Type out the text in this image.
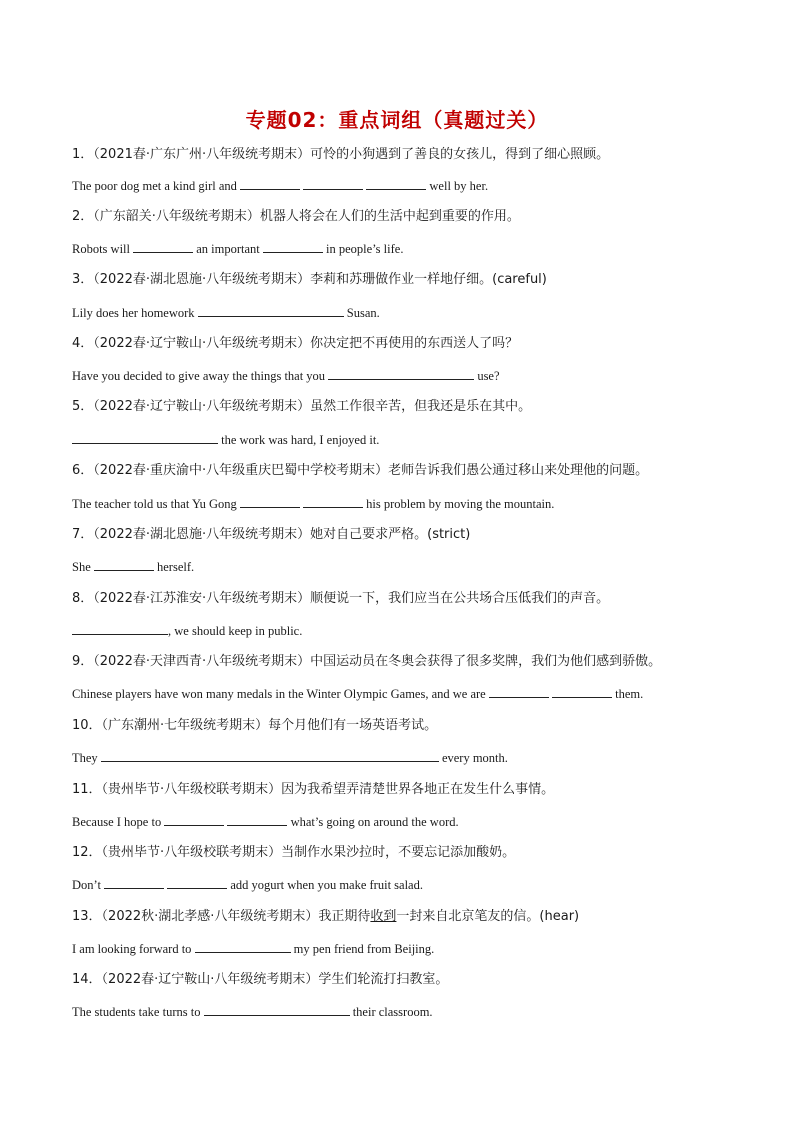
专题02：重点词组（真题过关）
1．（2021春·广东广州·八年级统考期末）可怜的小狗遇到了善良的女孩儿，得到了细心照顾。
The poor dog met a kind girl and	well by her.
2．（广东韶关·八年级统考期末）机器人将会在人们的生活中起到重要的作用。
Robots will	an important	in people’s life.
3．（2022春·湖北恩施·八年级统考期末）李莉和苏珊做作业一样地仔细。(careful)
Lily does her homework	Susan.
4．（2022春·辽宁鞍山·八年级统考期末）你决定把不再使用的东西送人了吗？
Have you decided to give away the things that you	use?
5．（2022春·辽宁鞍山·八年级统考期末）虽然工作很辛苦，但我还是乐在其中。
the work was hard, I enjoyed it.
6．（2022春·重庆渝中·八年级重庆巴蜀中学校考期末）老师告诉我们愚公通过移山来处理他的问题。
The teacher told us that Yu Gong	his problem by moving the mountain.
7．（2022春·湖北恩施·八年级统考期末）她对自己要求严格。(strict)
She	herself.
8．（2022春·江苏淮安·八年级统考期末）顺便说一下，我们应当在公共场合压低我们的声音。
, we should keep in public.
9．（2022春·天津西青·八年级统考期末）中国运动员在冬奥会获得了很多奖牌，我们为他们感到骄傲。
Chinese players have won many medals in the Winter Olympic Games, and we are	them.
10．（广东潮州·七年级统考期末）每个月他们有一场英语考试。
They	every month.
11．（贵州毕节·八年级校联考期末）因为我希望弄清楚世界各地正在发生什么事情。
Because I hope to	what’s going on around the word.
12．（贵州毕节·八年级校联考期末）当制作水果沙拉时，不要忘记添加酸奶。
Don’t	add yogurt when you make fruit salad.
13．（2022秋·湖北孝感·八年级统考期末）我正期待收到一封来自北京笔友的信。(hear)
I am looking forward to	my pen friend from Beijing.
14．（2022春·辽宁鞍山·八年级统考期末）学生们轮流打扫教室。
The students take turns to	their classroom.
